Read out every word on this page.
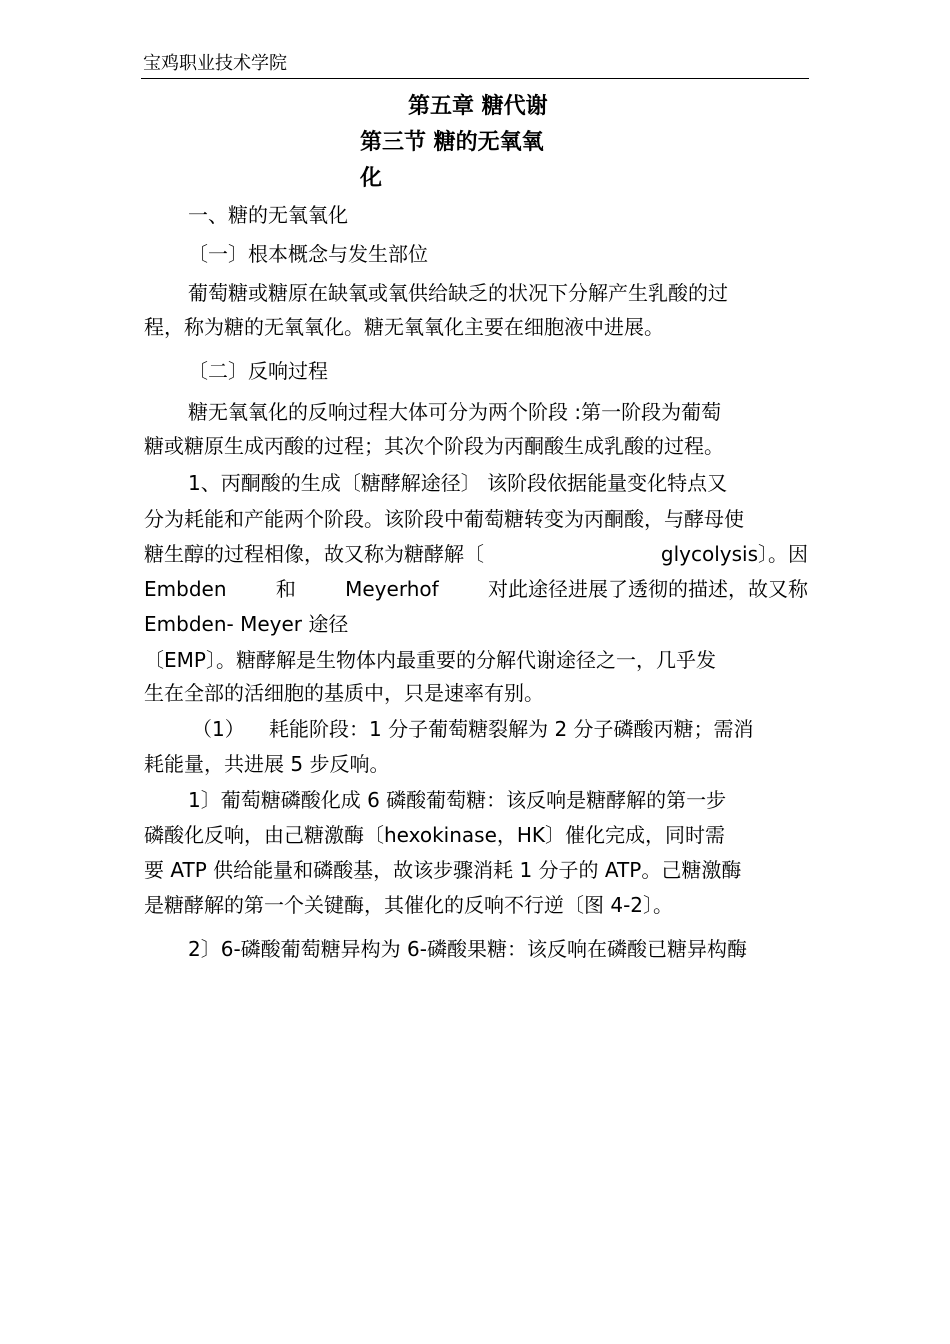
宝鸡职业技术学院
第五章 糖代谢
第三节 糖的无氧氧
化
一、糖的无氧氧化
〔一〕根本概念与发生部位
葡萄糖或糖原在缺氧或氧供给缺乏的状况下分解产生乳酸的过
程，称为糖的无氧氧化。糖无氧氧化主要在细胞液中进展。
〔二〕反响过程
糖无氧氧化的反响过程大体可分为两个阶段 :第一阶段为葡萄
糖或糖原生成丙酸的过程；其次个阶段为丙酮酸生成乳酸的过程。
1、丙酮酸的生成〔糖酵解途径〕 该阶段依据能量变化特点又
分为耗能和产能两个阶段。该阶段中葡萄糖转变为丙酮酸，与酵母使
糖生醇的过程相像，故又称为糖酵解〔	glycolysis〕。因
Embden 和 Meyerhof 对此途径进展了透彻的描述，故又称
Embden- Meyer 途径
〔EMP〕。糖酵解是生物体内最重要的分解代谢途径之一，几乎发
生在全部的活细胞的基质中，只是速率有别。
（1） 耗能阶段：1 分子葡萄糖裂解为 2 分子磷酸丙糖；需消
耗能量，共进展 5 步反响。
1〕葡萄糖磷酸化成 6 磷酸葡萄糖：该反响是糖酵解的第一步
磷酸化反响，由己糖激酶〔hexokinase，HK〕催化完成，同时需
要 ATP 供给能量和磷酸基，故该步骤消耗 1 分子的 ATP。己糖激酶
是糖酵解的第一个关键酶，其催化的反响不行逆〔图 4-2〕。
2〕6-磷酸葡萄糖异构为 6-磷酸果糖：该反响在磷酸已糖异构酶
